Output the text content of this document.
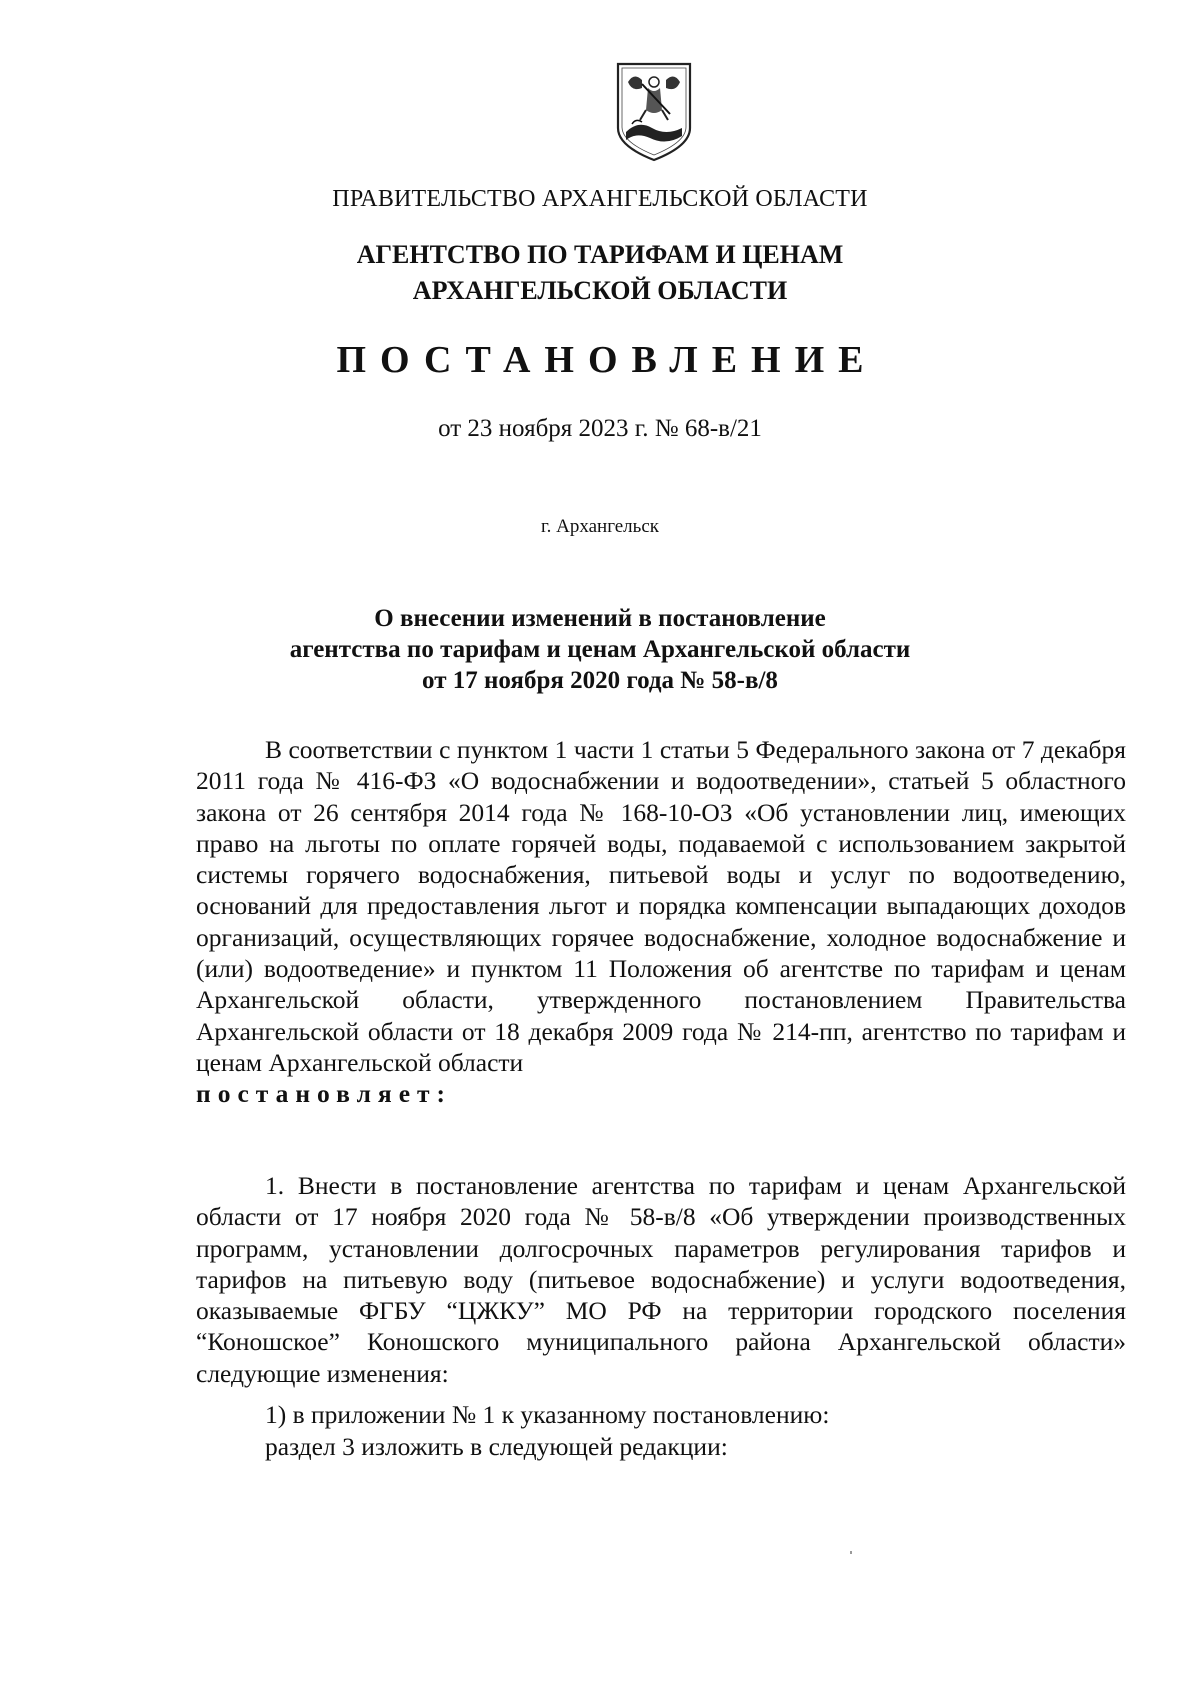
ПРАВИТЕЛЬСТВО АРХАНГЕЛЬСКОЙ ОБЛАСТИ
АГЕНТСТВО ПО ТАРИФАМ И ЦЕНАМ
АРХАНГЕЛЬСКОЙ ОБЛАСТИ
ПОСТАНОВЛЕНИЕ
от 23 ноября 2023 г. № 68-в/21
г. Архангельск
О внесении изменений в постановление
агентства по тарифам и ценам Архангельской области
от 17 ноября 2020 года № 58-в/8
В соответствии с пунктом 1 части 1 статьи 5 Федерального закона от 7 декабря 2011 года № 416-ФЗ «О водоснабжении и водоотведении», статьей 5 областного закона от 26 сентября 2014 года № 168-10-ОЗ «Об установлении лиц, имеющих право на льготы по оплате горячей воды, подаваемой с использованием закрытой системы горячего водоснабжения, питьевой воды и услуг по водоотведению, оснований для предоставления льгот и порядка компенсации выпадающих доходов организаций, осуществляющих горячее водоснабжение, холодное водоснабжение и (или) водоотведение» и пунктом 11 Положения об агентстве по тарифам и ценам Архангельской области, утвержденного постановлением Правительства Архангельской области от 18 декабря 2009 года № 214-пп, агентство по тарифам и ценам Архангельской области
постановляет:
1. Внести в постановление агентства по тарифам и ценам Архангельской области от 17 ноября 2020 года № 58-в/8 «Об утверждении производственных программ, установлении долгосрочных параметров регулирования тарифов и тарифов на питьевую воду (питьевое водоснабжение) и услуги водоотведения, оказываемые ФГБУ “ЦЖКУ” МО РФ на территории городского поселения “Коношское” Коношского муниципального района Архангельской области» следующие изменения:
1) в приложении № 1 к указанному постановлению:
раздел 3 изложить в следующей редакции:
